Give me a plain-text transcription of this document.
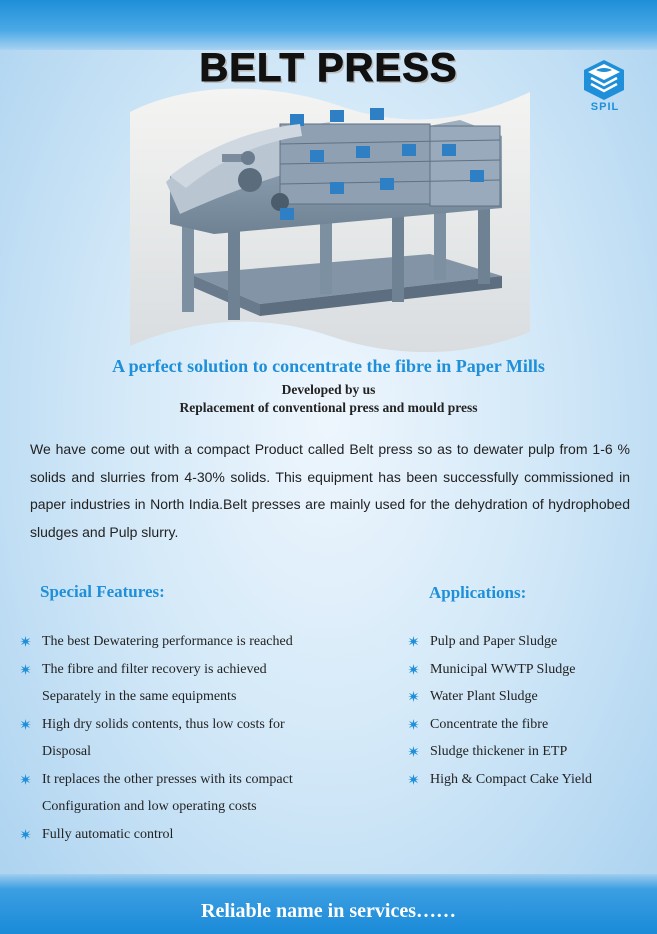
BELT PRESS
SPIL
A perfect solution to concentrate the fibre in Paper Mills
Developed by us
Replacement of conventional press and mould press

We have come out with a compact Product called Belt press so as to dewater pulp from 1-6 % solids and slurries from 4-30% solids. This equipment has been successfully commissioned in paper industries in North India.Belt presses are mainly used for the dehydration of hydrophobed sludges and Pulp slurry.

Special Features:
The best Dewatering performance is reached
The fibre and filter recovery is achieved
Separately in the same equipments
High dry solids contents, thus low costs for
Disposal
It replaces the other presses with its compact
Configuration and low operating costs
Fully automatic control
Applications:
Pulp and Paper Sludge
Municipal WWTP Sludge
Water Plant Sludge
Concentrate the fibre
Sludge thickener in ETP
High & Compact Cake Yield
Reliable name in services……
